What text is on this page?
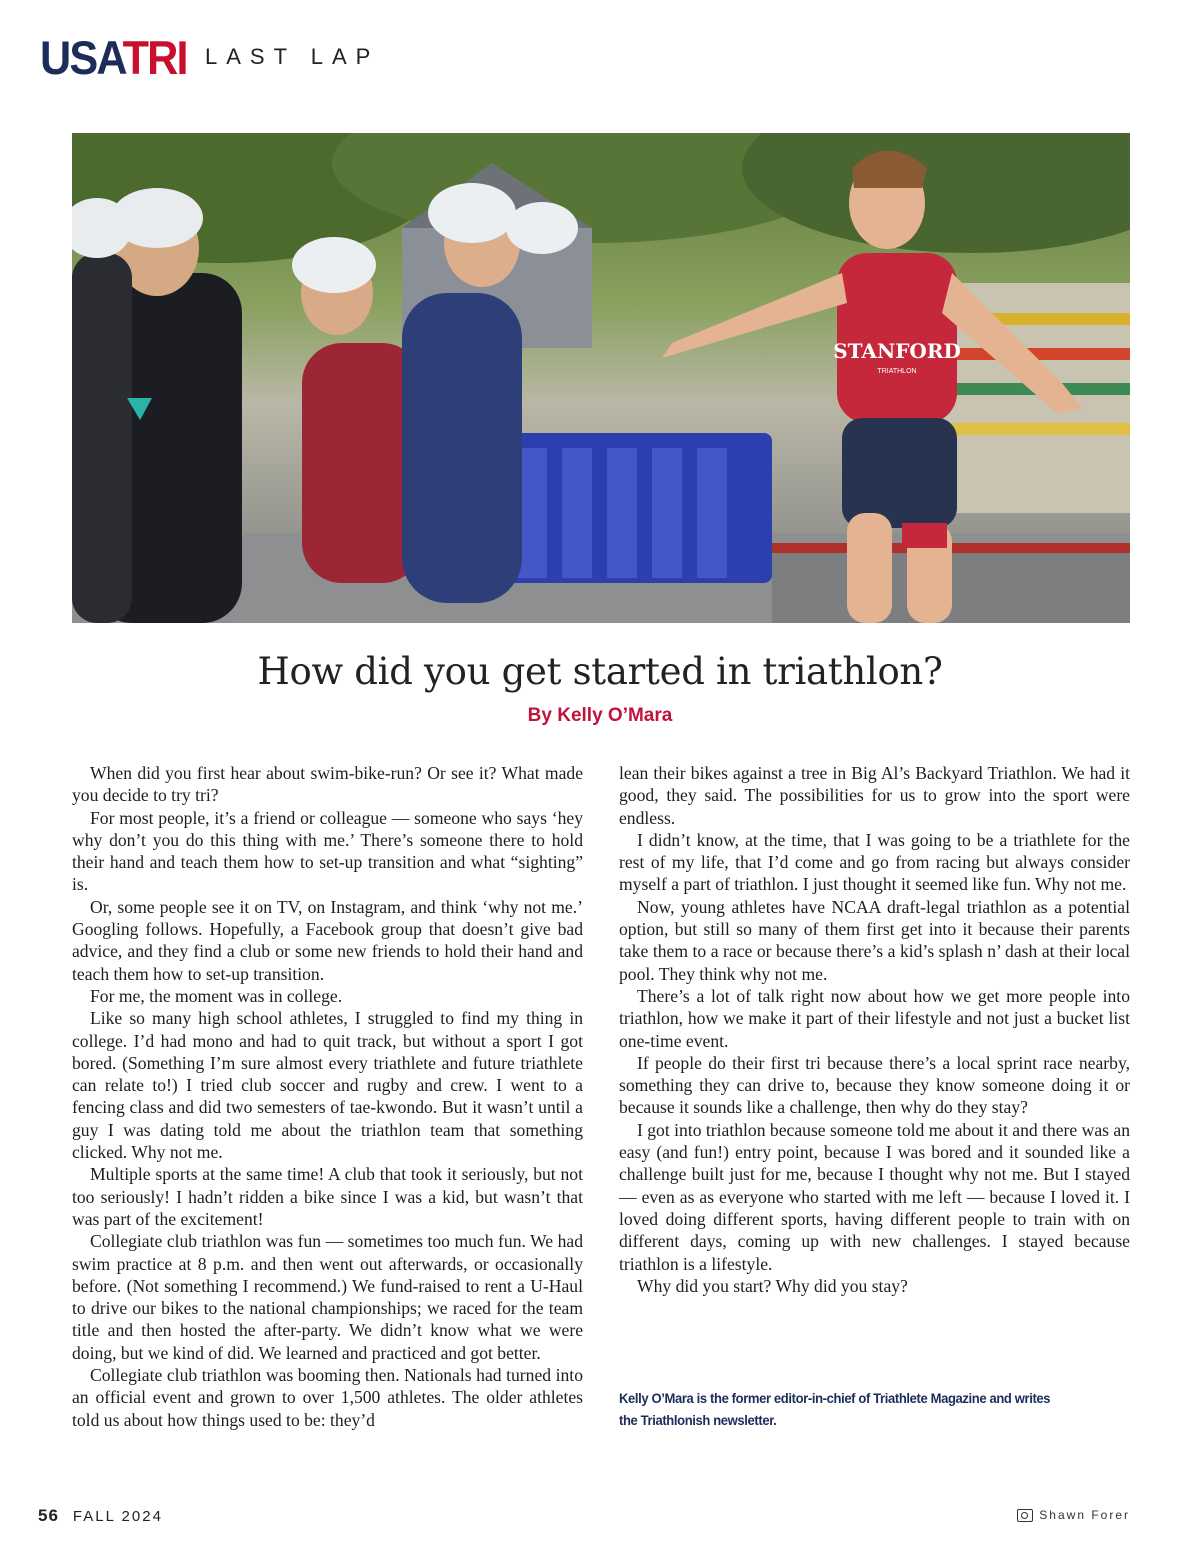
USATRI LAST LAP
STANFORD
TRIATHLON
How did you get started in triathlon?
By Kelly O’Mara

When did you first hear about swim-bike-run? Or see it? What made you decide to try tri?

For most people, it’s a friend or colleague — someone who says ‘hey why don’t you do this thing with me.’ There’s someone there to hold their hand and teach them how to set-up transition and what “sighting” is.

Or, some people see it on TV, on Instagram, and think ‘why not me.’ Googling follows. Hopefully, a Facebook group that doesn’t give bad advice, and they find a club or some new friends to hold their hand and teach them how to set-up transition.

For me, the moment was in college.

Like so many high school athletes, I struggled to find my thing in college. I’d had mono and had to quit track, but without a sport I got bored. (Something I’m sure almost every triathlete and future triathlete can relate to!) I tried club soccer and rugby and crew. I went to a fencing class and did two semesters of tae-kwondo. But it wasn’t until a guy I was dating told me about the triathlon team that something clicked. Why not me.

Multiple sports at the same time! A club that took it seriously, but not too seriously! I hadn’t ridden a bike since I was a kid, but wasn’t that was part of the excitement!

Collegiate club triathlon was fun — sometimes too much fun. We had swim practice at 8 p.m. and then went out afterwards, or occasionally before. (Not something I recommend.) We fund-raised to rent a U-Haul to drive our bikes to the national championships; we raced for the team title and then hosted the after-party. We didn’t know what we were doing, but we kind of did. We learned and practiced and got better.

Collegiate club triathlon was booming then. Nationals had turned into an official event and grown to over 1,500 athletes. The older athletes told us about how things used to be: they’d

lean their bikes against a tree in Big Al’s Backyard Triathlon. We had it good, they said. The possibilities for us to grow into the sport were endless.

I didn’t know, at the time, that I was going to be a triathlete for the rest of my life, that I’d come and go from racing but always consider myself a part of triathlon. I just thought it seemed like fun. Why not me.

Now, young athletes have NCAA draft-legal triathlon as a potential option, but still so many of them first get into it because their parents take them to a race or because there’s a kid’s splash n’ dash at their local pool. They think why not me.

There’s a lot of talk right now about how we get more people into triathlon, how we make it part of their lifestyle and not just a bucket list one-time event.

If people do their first tri because there’s a local sprint race nearby, something they can drive to, because they know someone doing it or because it sounds like a challenge, then why do they stay?

I got into triathlon because someone told me about it and there was an easy (and fun!) entry point, because I was bored and it sounded like a challenge built just for me, because I thought why not me. But I stayed — even as as everyone who started with me left — because I loved it. I loved doing different sports, having different people to train with on different days, coming up with new challenges. I stayed because triathlon is a lifestyle.

Why did you start? Why did you stay?

Kelly O’Mara is the former editor-in-chief of Triathlete Magazine and writes the Triathlonish newsletter.
56 FALL 2024	Shawn Forer
